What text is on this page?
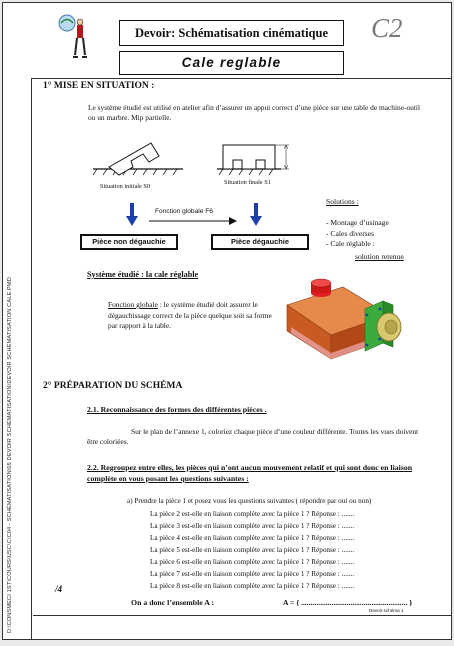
Devoir: Schématisation cinématique
Cale reglable
C2
D:\CONSMECI 1ST\COURS\USC\C\C04 - SCHÉMATISATION\05 DEVOIR SCHÉMATISATION\DEVOIR SCHÉMATISATION CALE.PMD
1° MISE EN SITUATION :
Le système étudié est utilisé en atelier afin d’assurer un appui correct d’une pièce sur une table de machine-outil ou un marbre. Mip partielle.
Situation initiale S0
Situation finale S1
Fonction globale F6
Pièce non dégauchie	Pièce dégauchie
Solutions :
- Montage d’usinage
- Cales diverses
- Cale réglable :
solution retenue
Système étudié : la cale réglable
Fonction globale : le système étudié doit assurer le dégauchissage correct de la pièce quelque soit sa forme par rapport à la table.
2° PRÉPARATION DU SCHÉMA
2.1. Reconnaissance des formes des différentes pièces .
Sur le plan de l’annexe 1, coloriez chaque pièce d’une couleur différente. Toutes les vues doivent être coloriées.
2.2. Regroupez entre elles, les pièces qui n’ont aucun mouvement relatif et qui sont donc en liaison complète en vous posant les questions suivantes :
a) Prendre la pièce 1 et posez vous les questions suivantes ( répondre par oui ou non)
La pièce 2 est-elle en liaison complète avec la pièce 1 ? Réponse : .......
La pièce 3 est-elle en liaison complète avec la pièce 1 ? Réponse : .......
La pièce 4 est-elle en liaison complète avec la pièce 1 ? Réponse : .......
La pièce 5 est-elle en liaison complète avec la pièce 1 ? Réponse : .......
La pièce 6 est-elle en liaison complète avec la pièce 1 ? Réponse : .......
La pièce 7 est-elle en liaison complète avec la pièce 1 ? Réponse : .......
La pièce 8 est-elle en liaison complète avec la pièce 1 ? Réponse : .......
On a donc l’ensemble A :	A = { ........................................................ }
/4
Devoir schéma 1
